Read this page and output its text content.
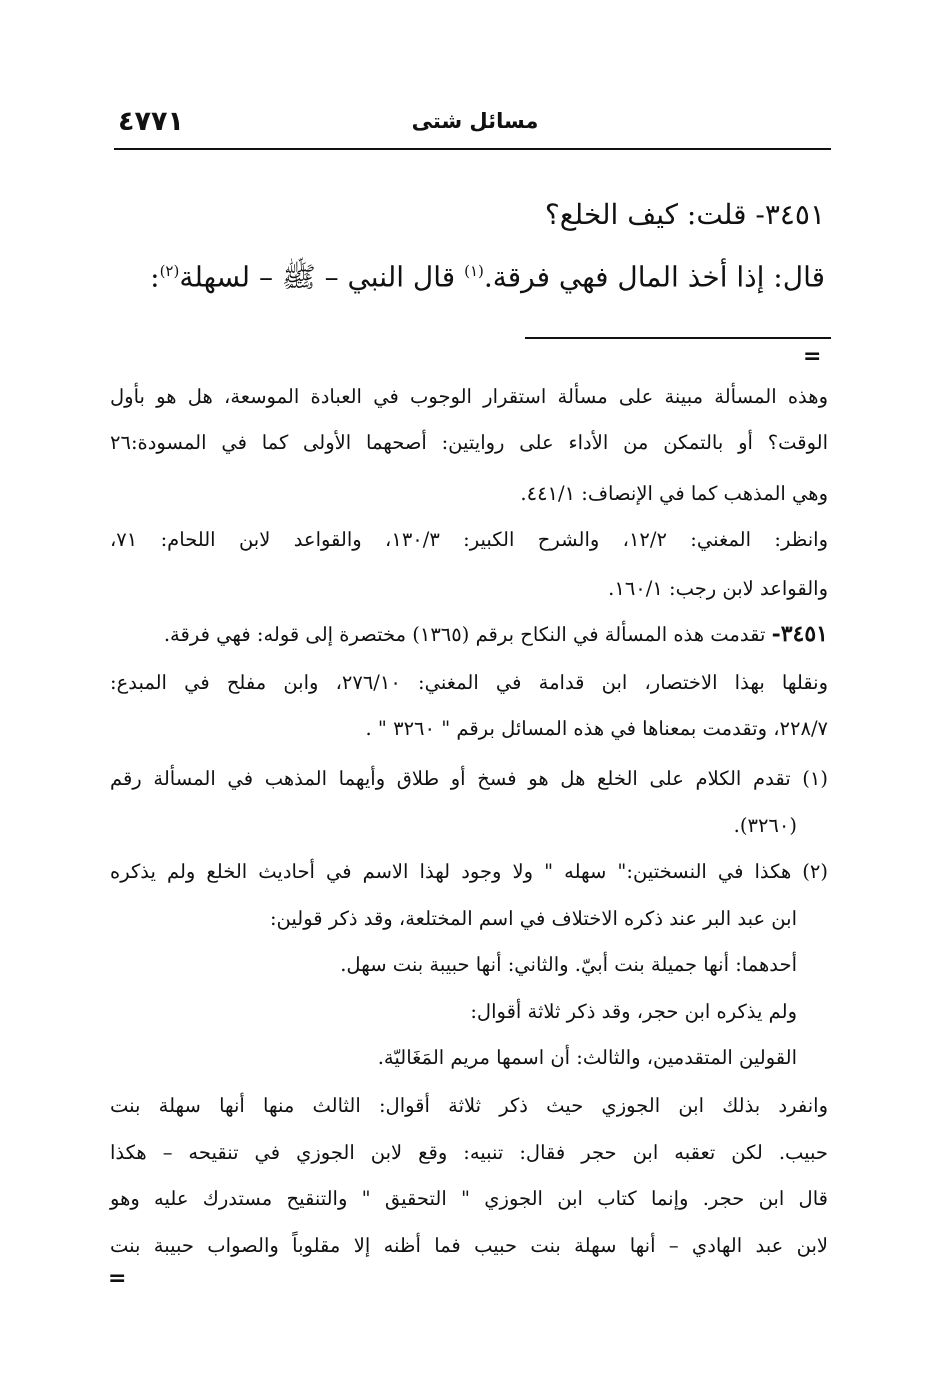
٤٧٧١	مسائل شتى
٣٤٥١- قلت: كيف الخلع؟
قال: إذا أخذ المال فهي فرقة.$^{(١)}$ قال النبي – ﷺ – لسهلة$^{(٢)}$:
=
وهذه المسألة مبينة على مسألة استقرار الوجوب في العبادة الموسعة، هل هو بأول
الوقت؟ أو بالتمكن من الأداء على روايتين: أصحهما الأولى كما في المسودة:٢٦
وهي المذهب كما في الإنصاف: ٤٤١/١.
وانظر: المغني: ١٢/٢، والشرح الكبير: ١٣٠/٣، والقواعد لابن اللحام: ٧١،
والقواعد لابن رجب: ١٦٠/١.
٣٤٥١- تقدمت هذه المسألة في النكاح برقم (١٣٦٥) مختصرة إلى قوله: فهي فرقة.
ونقلها بهذا الاختصار، ابن قدامة في المغني: ٢٧٦/١٠، وابن مفلح في المبدع:
٢٢٨/٧، وتقدمت بمعناها في هذه المسائل برقم " ٣٢٦٠ " .
(١) تقدم الكلام على الخلع هل هو فسخ أو طلاق وأيهما المذهب في المسألة رقم
(٣٢٦٠).
(٢) هكذا في النسختين:" سهله " ولا وجود لهذا الاسم في أحاديث الخلع ولم يذكره
ابن عبد البر عند ذكره الاختلاف في اسم المختلعة، وقد ذكر قولين:
أحدهما: أنها جميلة بنت أبيّ. والثاني: أنها حبيبة بنت سهل.
ولم يذكره ابن حجر، وقد ذكر ثلاثة أقوال:
القولين المتقدمين، والثالث: أن اسمها مريم المَغَاليّة.
وانفرد بذلك ابن الجوزي حيث ذكر ثلاثة أقوال: الثالث منها أنها سهلة بنت
حبيب. لكن تعقبه ابن حجر فقال: تنبيه: وقع لابن الجوزي في تنقيحه – هكذا
قال ابن حجر. وإنما كتاب ابن الجوزي " التحقيق " والتنقيح مستدرك عليه وهو
لابن عبد الهادي – أنها سهلة بنت حبيب فما أظنه إلا مقلوباً والصواب حبيبة بنت
=
